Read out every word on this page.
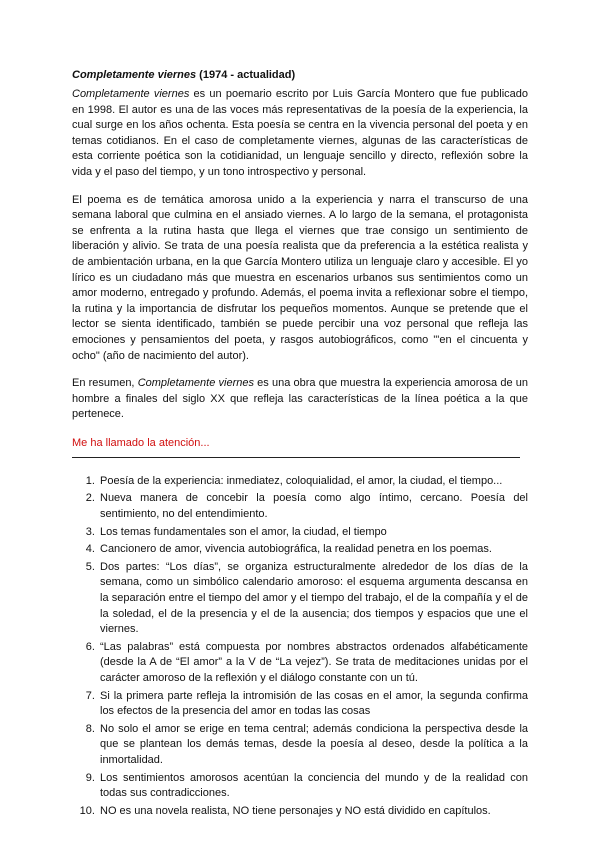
Completamente viernes (1974 - actualidad)

Completamente viernes es un poemario escrito por Luis García Montero que fue publicado en 1998. El autor es una de las voces más representativas de la poesía de la experiencia, la cual surge en los años ochenta. Esta poesía se centra en la vivencia personal del poeta y en temas cotidianos. En el caso de completamente viernes, algunas de las características de esta corriente poética son la cotidianidad, un lenguaje sencillo y directo, reflexión sobre la vida y el paso del tiempo, y un tono introspectivo y personal.

El poema es de temática amorosa unido a la experiencia y narra el transcurso de una semana laboral que culmina en el ansiado viernes. A lo largo de la semana, el protagonista se enfrenta a la rutina hasta que llega el viernes que trae consigo un sentimiento de liberación y alivio. Se trata de una poesía realista que da preferencia a la estética realista y de ambientación urbana, en la que García Montero utiliza un lenguaje claro y accesible. El yo lírico es un ciudadano más que muestra en escenarios urbanos sus sentimientos como un amor moderno, entregado y profundo. Además, el poema invita a reflexionar sobre el tiempo, la rutina y la importancia de disfrutar los pequeños momentos. Aunque se pretende que el lector se sienta identificado, también se puede percibir una voz personal que refleja las emociones y pensamientos del poeta, y rasgos autobiográficos, como "'en el cincuenta y ocho" (año de nacimiento del autor).

En resumen, Completamente viernes es una obra que muestra la experiencia amorosa de un hombre a finales del siglo XX que refleja las características de la línea poética a la que pertenece.

Me ha llamado la atención...
1. Poesía de la experiencia: inmediatez, coloquialidad, el amor, la ciudad, el tiempo...
2. Nueva manera de concebir la poesía como algo íntimo, cercano. Poesía del sentimiento, no del entendimiento.
3. Los temas fundamentales son el amor, la ciudad, el tiempo
4. Cancionero de amor, vivencia autobiográfica, la realidad penetra en los poemas.
5. Dos partes: “Los días”, se organiza estructuralmente alrededor de los días de la semana, como un simbólico calendario amoroso: el esquema argumenta descansa en la separación entre el tiempo del amor y el tiempo del trabajo, el de la compañía y el de la soledad, el de la presencia y el de la ausencia; dos tiempos y espacios que une el viernes.
6. “Las palabras” está compuesta por nombres abstractos ordenados alfabéticamente (desde la A de “El amor” a la V de “La vejez”). Se trata de meditaciones unidas por el carácter amoroso de la reflexión y el diálogo constante con un tú.
7. Si la primera parte refleja la intromisión de las cosas en el amor, la segunda confirma los efectos de la presencia del amor en todas las cosas
8. No solo el amor se erige en tema central; además condiciona la perspectiva desde la que se plantean los demás temas, desde la poesía al deseo, desde la política a la inmortalidad.
9. Los sentimientos amorosos acentúan la conciencia del mundo y de la realidad con todas sus contradicciones.
10. NO es una novela realista, NO tiene personajes y NO está dividido en capítulos.
